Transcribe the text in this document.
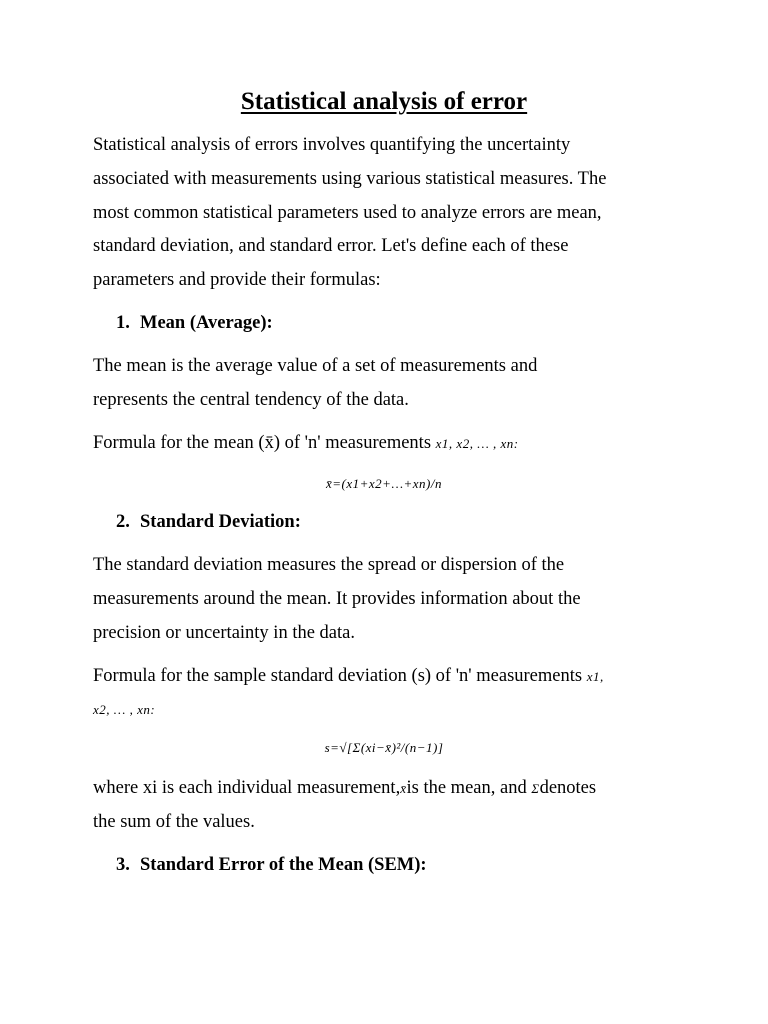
Statistical analysis of error
Statistical analysis of errors involves quantifying the uncertainty
associated with measurements using various statistical measures. The
most common statistical parameters used to analyze errors are mean,
standard deviation, and standard error. Let's define each of these
parameters and provide their formulas:
1. Mean (Average):
The mean is the average value of a set of measurements and
represents the central tendency of the data.
Formula for the mean (x̄) of 'n' measurements x1, x2, … , xn:
x̄=(x1+x2+…+xn)/n
2. Standard Deviation:
The standard deviation measures the spread or dispersion of the
measurements around the mean. It provides information about the
precision or uncertainty in the data.
Formula for the sample standard deviation (s) of 'n' measurements x1,
x2, … , xn:
s=√[Σ(xi−x̄)²/(n−1)]
where xi is each individual measurement,x̄is the mean, and Σdenotes
the sum of the values.
3. Standard Error of the Mean (SEM):
